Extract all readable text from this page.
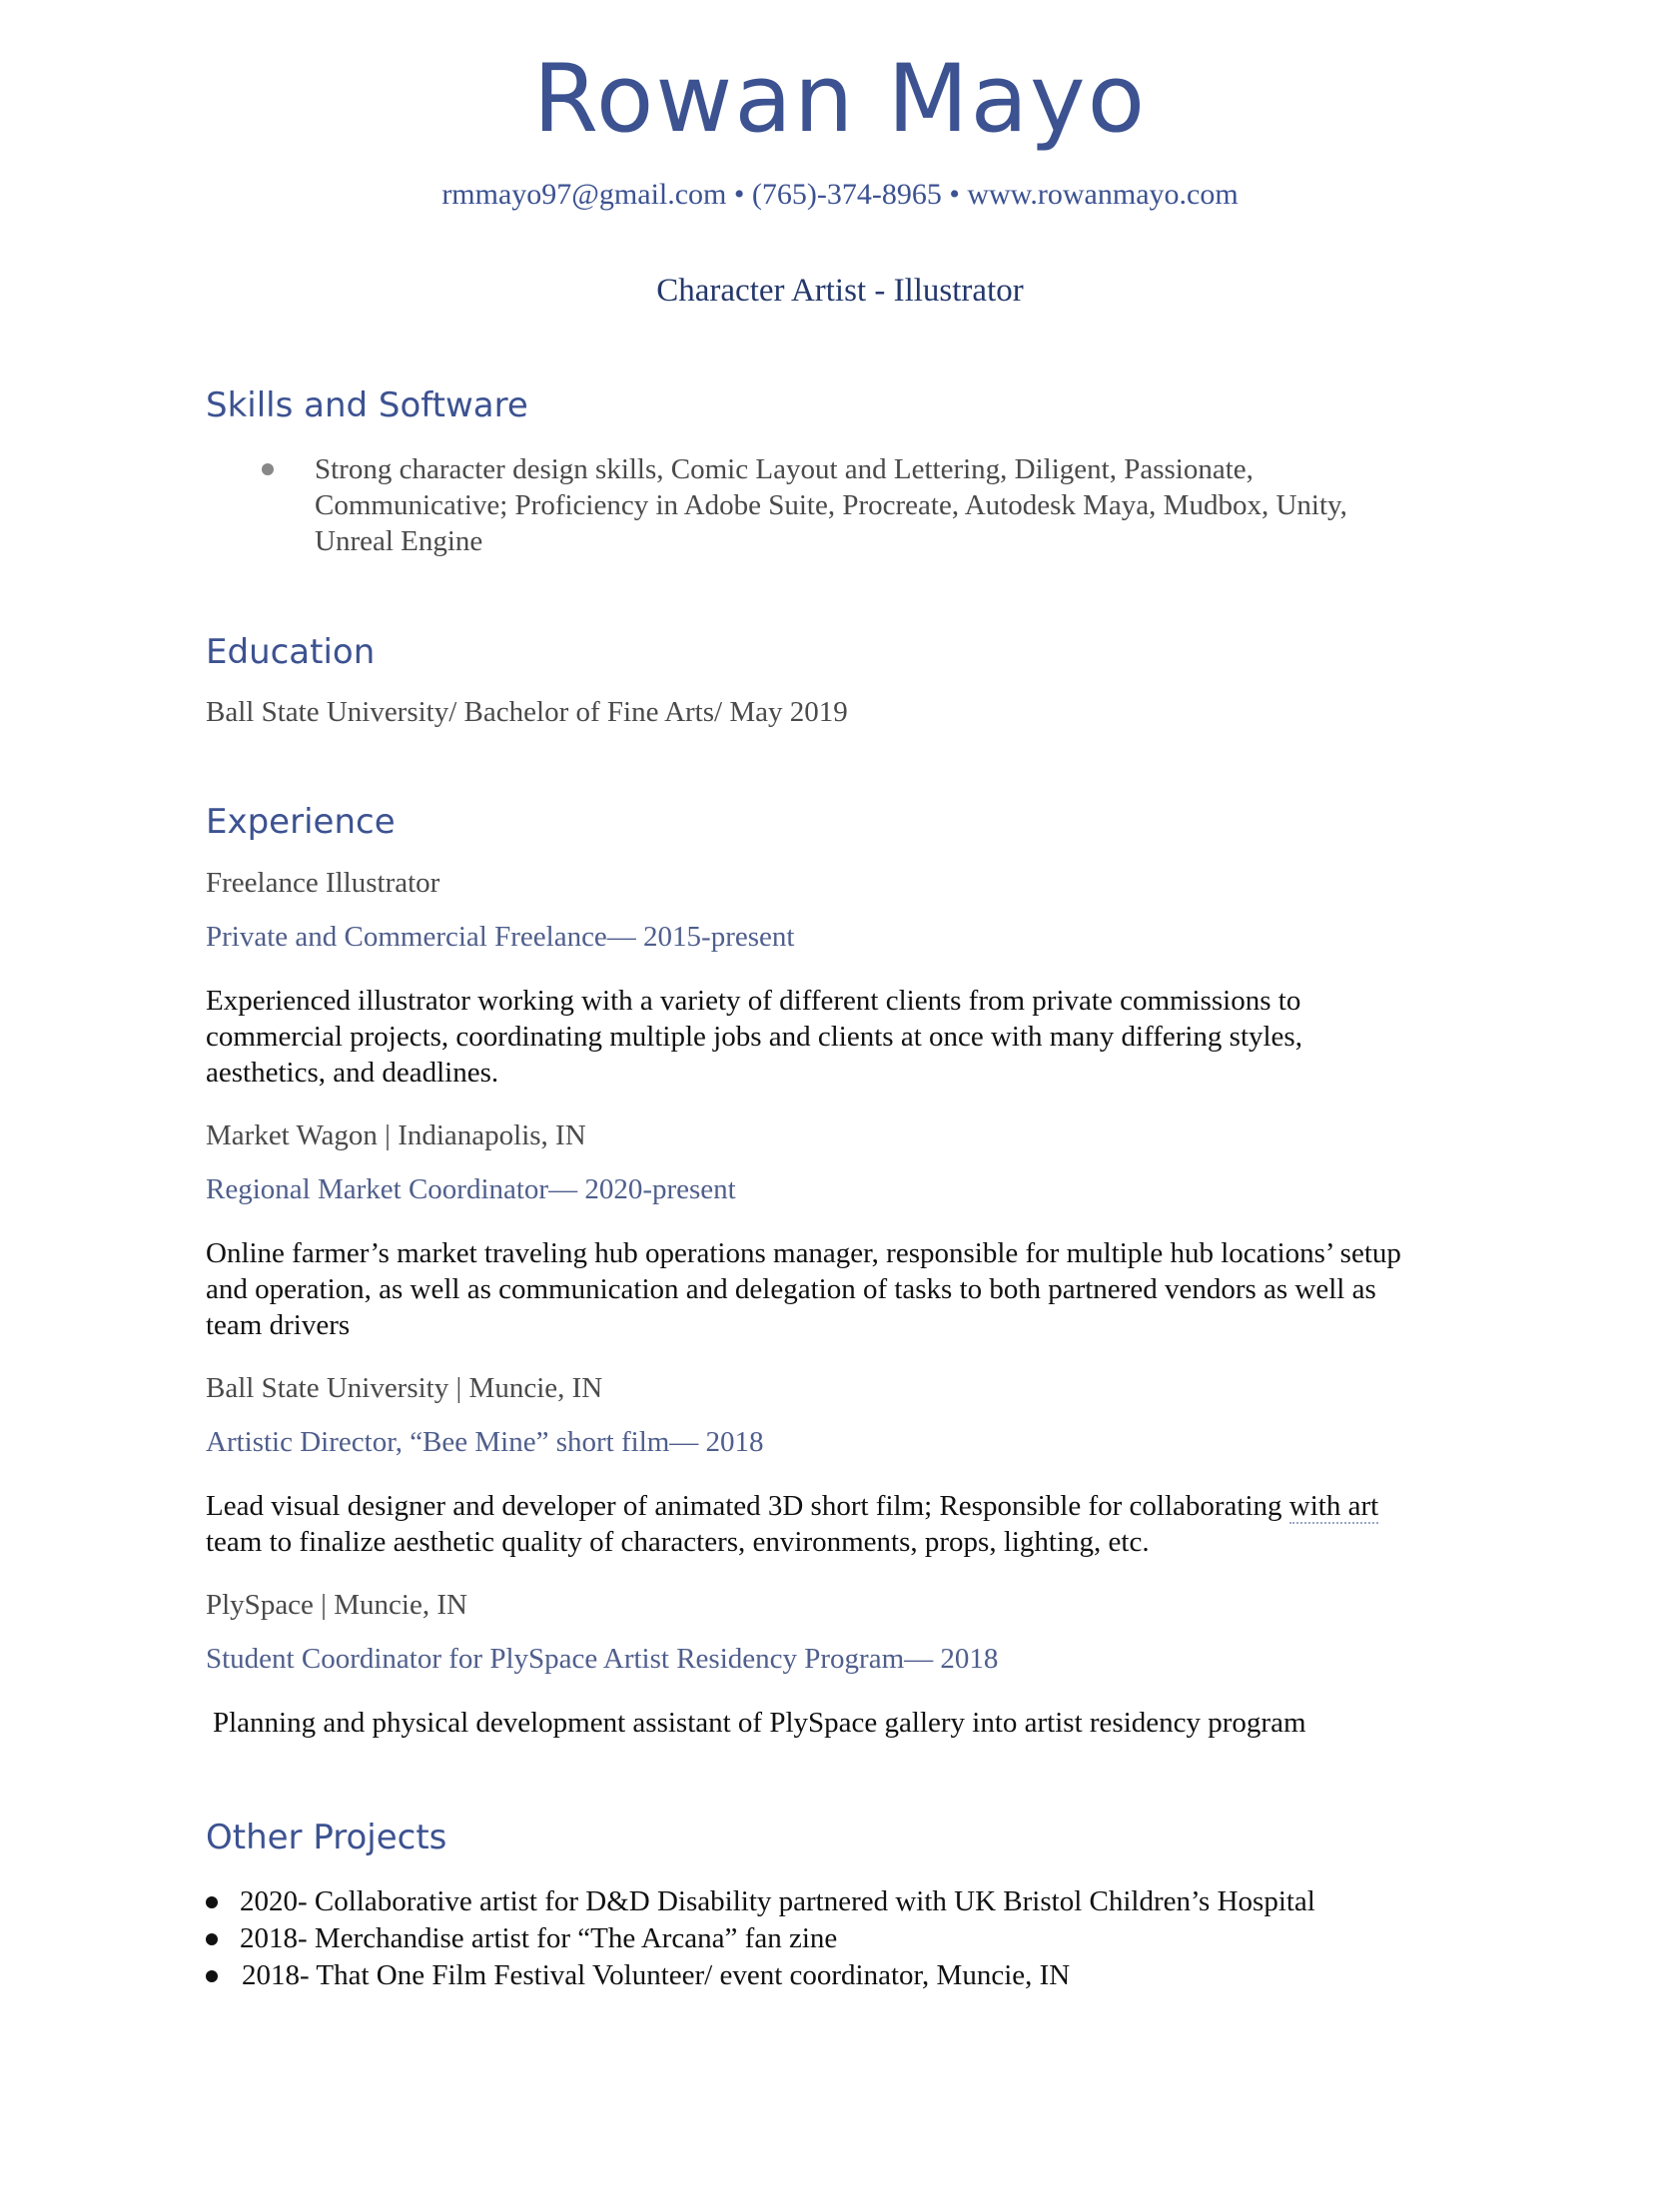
Rowan Mayo
rmmayo97@gmail.com • (765)-374-8965 • www.rowanmayo.com
Character Artist - Illustrator
Skills and Software

Strong character design skills, Comic Layout and Lettering, Diligent, Passionate,

Communicative; Proficiency in Adobe Suite, Procreate, Autodesk Maya, Mudbox, Unity,

Unreal Engine

Education

Ball State University/ Bachelor of Fine Arts/ May 2019

Experience

Freelance Illustrator

Private and Commercial Freelance— 2015-present

Experienced illustrator working with a variety of different clients from private commissions to

commercial projects, coordinating multiple jobs and clients at once with many differing styles,

aesthetics, and deadlines.

Market Wagon | Indianapolis, IN

Regional Market Coordinator— 2020-present

Online farmer’s market traveling hub operations manager, responsible for multiple hub locations’ setup

and operation, as well as communication and delegation of tasks to both partnered vendors as well as

team drivers

Ball State University | Muncie, IN

Artistic Director, “Bee Mine” short film— 2018

Lead visual designer and developer of animated 3D short film; Responsible for collaborating with art

team to finalize aesthetic quality of characters, environments, props, lighting, etc.

PlySpace | Muncie, IN

Student Coordinator for PlySpace Artist Residency Program— 2018

Planning and physical development assistant of PlySpace gallery into artist residency program

Other Projects

2020- Collaborative artist for D&D Disability partnered with UK Bristol Children’s Hospital

2018- Merchandise artist for “The Arcana” fan zine

2018- That One Film Festival Volunteer/ event coordinator, Muncie, IN
